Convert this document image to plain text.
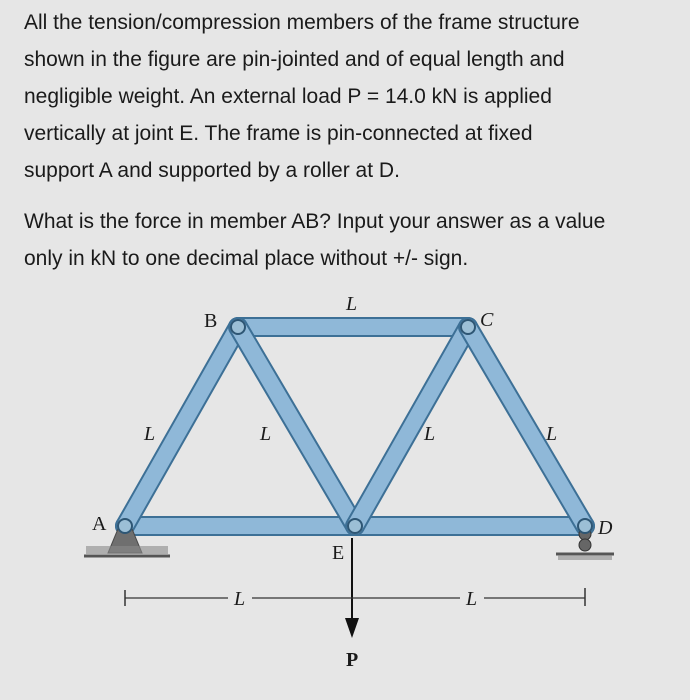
All the tension/compression members of the frame structure
shown in the figure are pin-jointed and of equal length and
negligible weight. An external load P = 14.0 kN is applied
vertically at joint E. The frame is pin-connected at fixed
support A and supported by a roller at D.

What is the force in member AB? Input your answer as a value
only in kN to one decimal place without +/- sign.

P
L	L
A
B	C
D
E
L
L	L	L	L
